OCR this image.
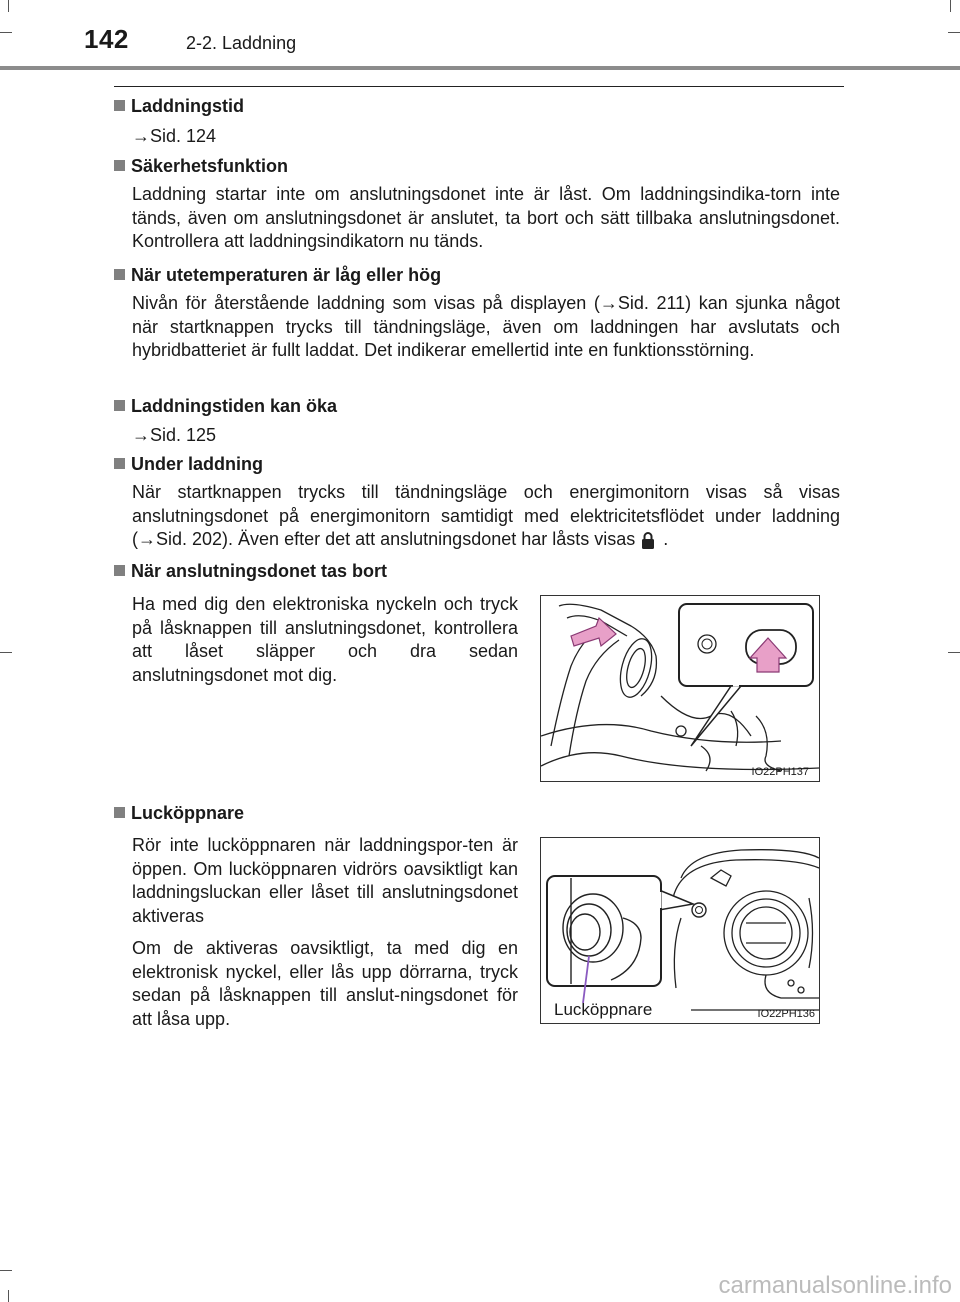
142	2-2. Laddning
Laddningstid
→Sid. 124
Säkerhetsfunktion

Laddning startar inte om anslutningsdonet inte är låst. Om laddningsindika-torn inte tänds, även om anslutningsdonet är anslutet, ta bort och sätt tillbaka anslutningsdonet. Kontrollera att laddningsindikatorn nu tänds.

När utetemperaturen är låg eller hög

Nivån för återstående laddning som visas på displayen (→Sid. 211) kan sjunka något när startknappen trycks till tändningsläge, även om laddningen har avslutats och hybridbatteriet är fullt laddat. Det indikerar emellertid inte en funktionsstörning.

Laddningstiden kan öka
→Sid. 125
Under laddning

När startknappen trycks till tändningsläge och energimonitorn visas så visas anslutningsdonet på energimonitorn samtidigt med elektricitetsflödet under laddning (→Sid. 202). Även efter det att anslutningsdonet har låsts visas .

När anslutningsdonet tas bort

Ha med dig den elektroniska nyckeln och tryck på låsknappen till anslutningsdonet, kontrollera att låset släpper och dra sedan anslutningsdonet mot dig.

IO22PH137
Lucköppnare

Rör inte lucköppnaren när laddningspor-ten är öppen. Om lucköppnaren vidrörs oavsiktligt kan laddningsluckan eller låset till anslutningsdonet aktiveras

Om de aktiveras oavsiktligt, ta med dig en elektronisk nyckel, eller lås upp dörrarna, tryck sedan på låsknappen till anslut-ningsdonet för att låsa upp.	Lucköppnare	IO22PH136
carmanualsonline.info
